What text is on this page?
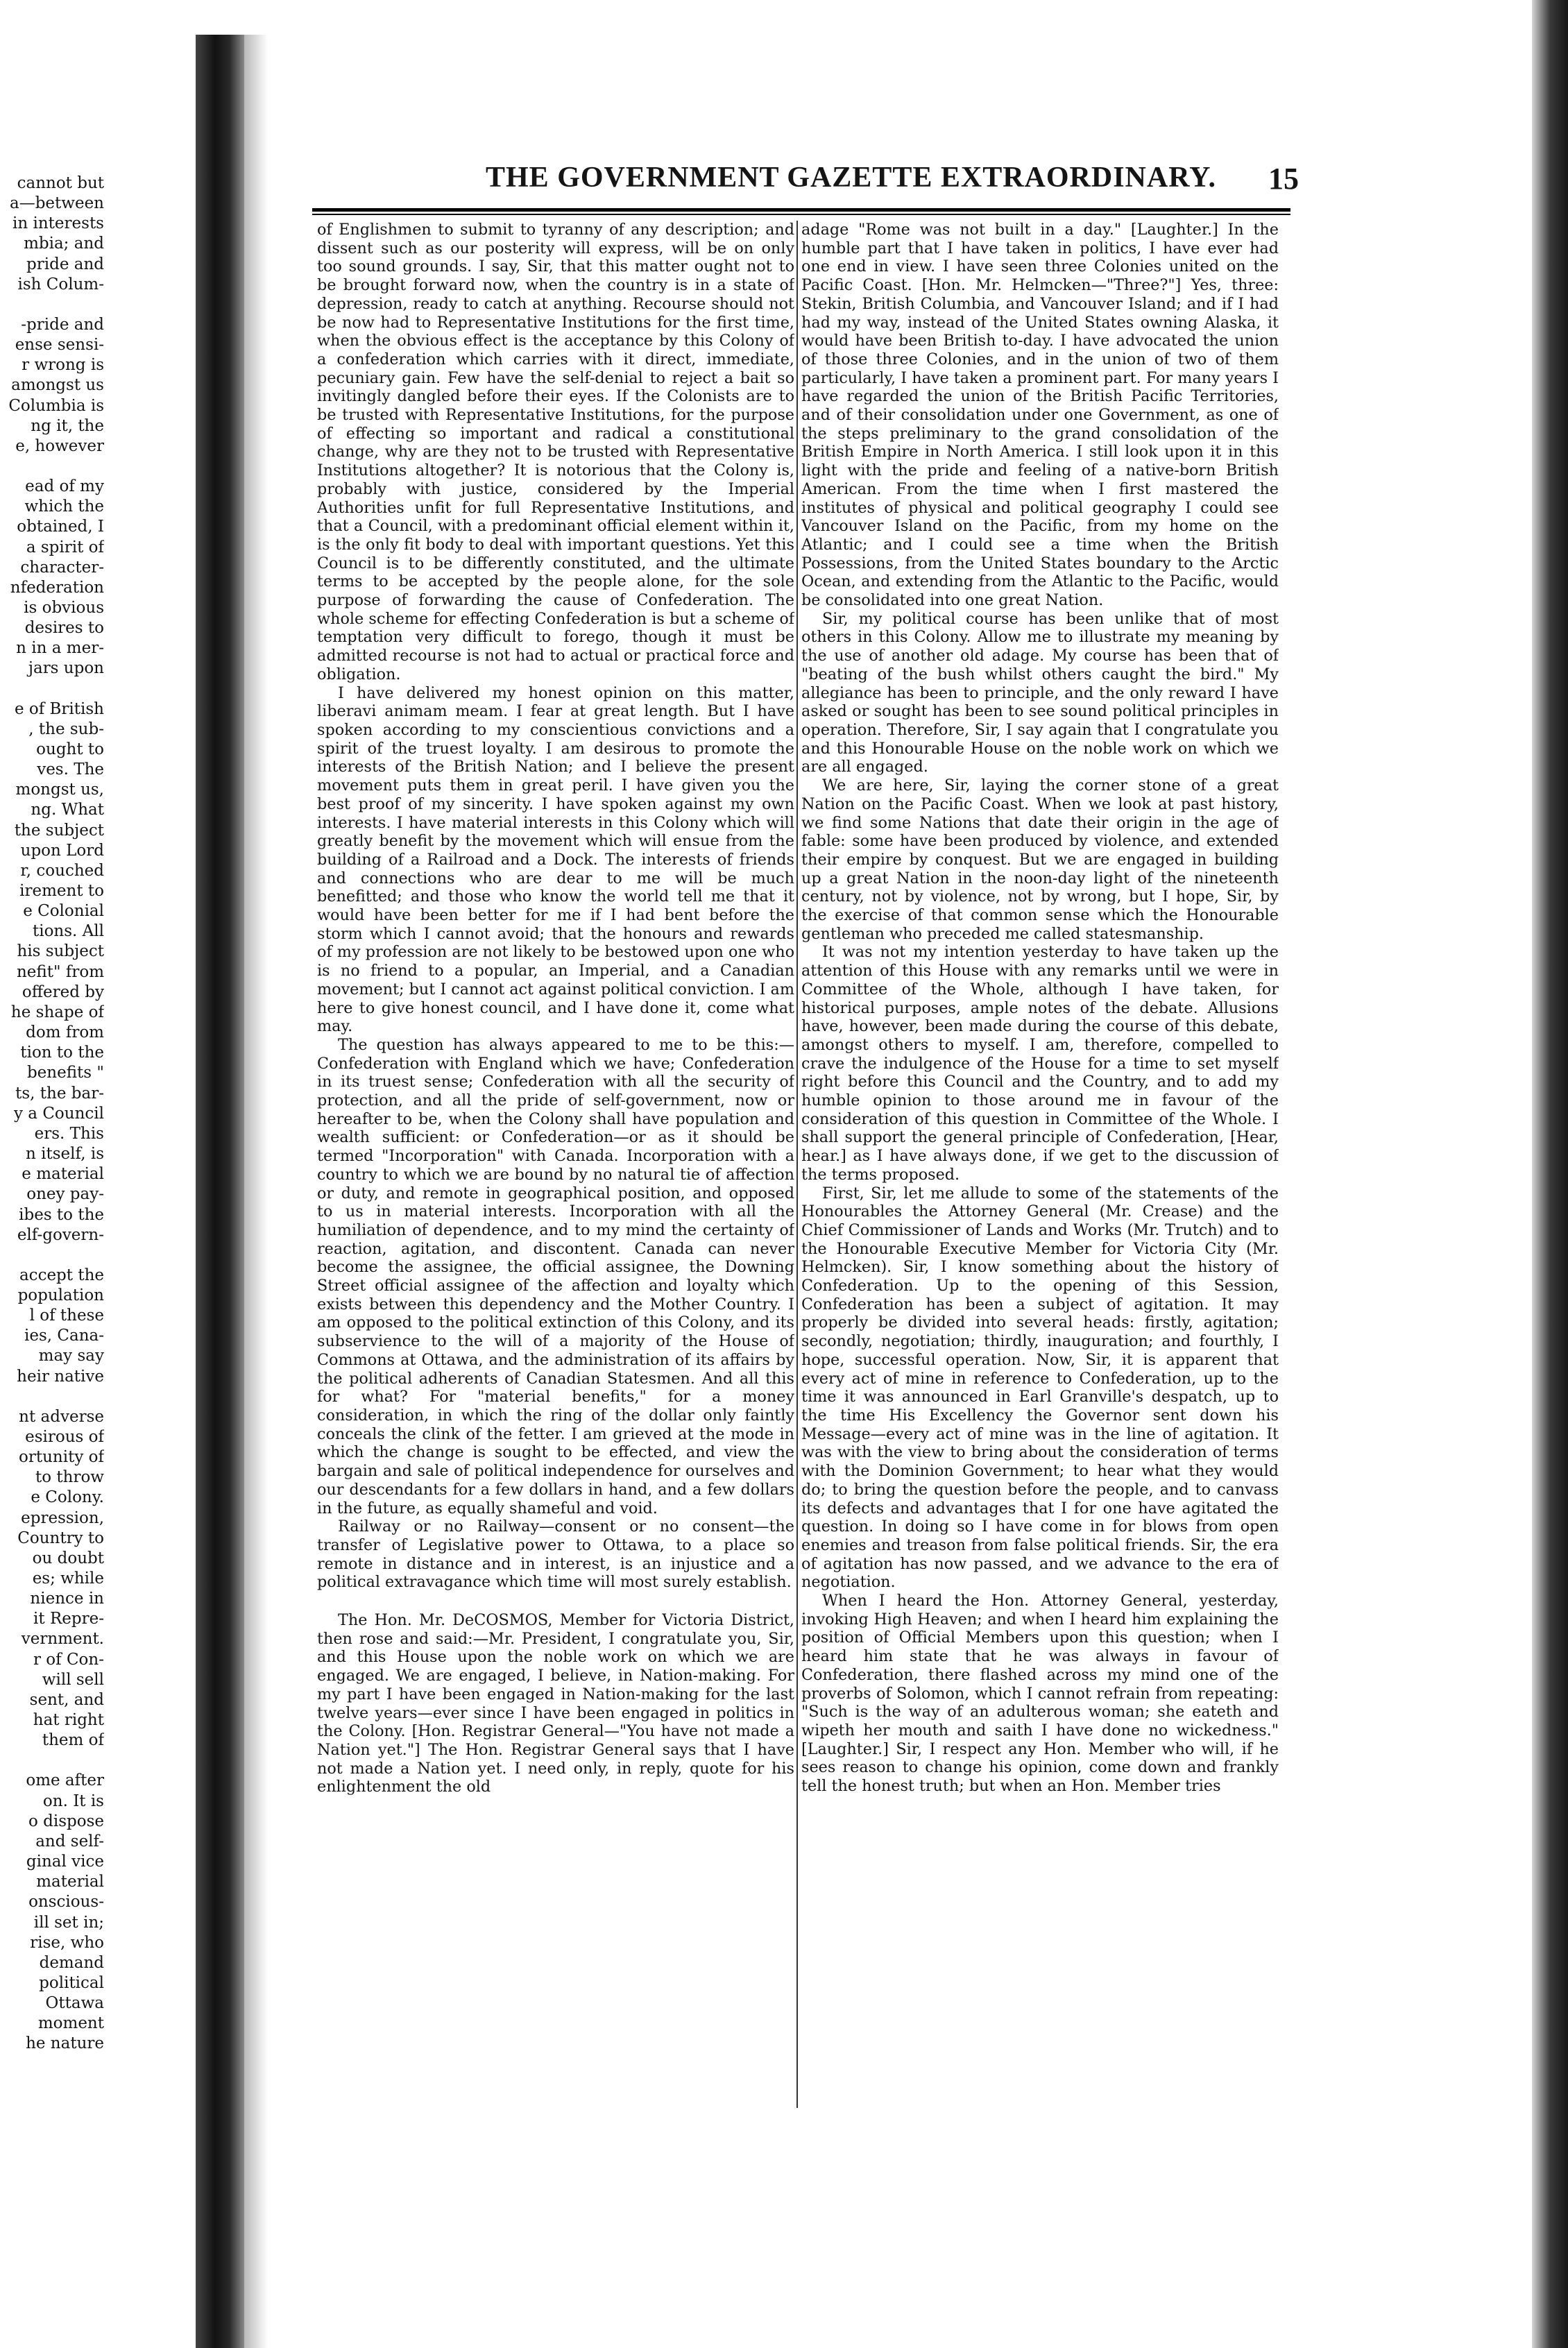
cannot but

a—between

in interests

mbia; and

pride and

ish Colum-

-pride and

ense sensi-

r wrong is

amongst us

Columbia is

ng it, the

e, however

ead of my

which the

obtained, I

a spirit of

character-

nfederation

is obvious

desires to

n in a mer-

jars upon

e of British

, the sub-

ought to

ves. The

mongst us,

ng. What

the subject

upon Lord

r, couched

irement to

e Colonial

tions. All

his subject

nefit" from

offered by

he shape of

dom from

tion to the

benefits "

ts, the bar-

y a Council

ers. This

n itself, is

e material

oney pay-

ibes to the

elf-govern-

accept the

population

l of these

ies, Cana-

may say

heir native

nt adverse

esirous of

ortunity of

to throw

e Colony.

epression,

Country to

ou doubt

es; while

nience in

it Repre-

vernment.

r of Con-

will sell

sent, and

hat right

them of

ome after

on. It is

o dispose

and self-

ginal vice

material

onscious-

ill set in;

rise, who

demand

political

Ottawa

moment

he nature

THE GOVERNMENT GAZETTE EXTRAORDINARY. 15

of Englishmen to submit to tyranny of any description; and dissent such as our posterity will express, will be on only too sound grounds. I say, Sir, that this matter ought not to be brought forward now, when the country is in a state of depression, ready to catch at anything. Recourse should not be now had to Representative Institutions for the first time, when the obvious effect is the acceptance by this Colony of a confederation which carries with it direct, immediate, pecuniary gain. Few have the self-denial to reject a bait so invitingly dangled before their eyes. If the Colonists are to be trusted with Representative Institutions, for the purpose of effecting so important and radical a constitutional change, why are they not to be trusted with Representative Institutions altogether? It is notorious that the Colony is, probably with justice, considered by the Imperial Authorities unfit for full Representative Institutions, and that a Council, with a predominant official element within it, is the only fit body to deal with important questions. Yet this Council is to be differently constituted, and the ultimate terms to be accepted by the people alone, for the sole purpose of forwarding the cause of Confederation. The whole scheme for effecting Confederation is but a scheme of temptation very difficult to forego, though it must be admitted recourse is not had to actual or practical force and obligation.

I have delivered my honest opinion on this matter, liberavi animam meam. I fear at great length. But I have spoken according to my conscientious convictions and a spirit of the truest loyalty. I am desirous to promote the interests of the British Nation; and I believe the present movement puts them in great peril. I have given you the best proof of my sincerity. I have spoken against my own interests. I have material interests in this Colony which will greatly benefit by the movement which will ensue from the building of a Railroad and a Dock. The interests of friends and connections who are dear to me will be much benefitted; and those who know the world tell me that it would have been better for me if I had bent before the storm which I cannot avoid; that the honours and rewards of my profession are not likely to be bestowed upon one who is no friend to a popular, an Imperial, and a Canadian movement; but I cannot act against political conviction. I am here to give honest council, and I have done it, come what may.

The question has always appeared to me to be this:—Confederation with England which we have; Confederation in its truest sense; Confederation with all the security of protection, and all the pride of self-government, now or hereafter to be, when the Colony shall have population and wealth sufficient: or Confederation—or as it should be termed "Incorporation" with Canada. Incorporation with a country to which we are bound by no natural tie of affection or duty, and remote in geographical position, and opposed to us in material interests. Incorporation with all the humiliation of dependence, and to my mind the certainty of reaction, agitation, and discontent. Canada can never become the assignee, the official assignee, the Downing Street official assignee of the affection and loyalty which exists between this dependency and the Mother Country. I am opposed to the political extinction of this Colony, and its subservience to the will of a majority of the House of Commons at Ottawa, and the administration of its affairs by the political adherents of Canadian Statesmen. And all this for what? For "material benefits," for a money consideration, in which the ring of the dollar only faintly conceals the clink of the fetter. I am grieved at the mode in which the change is sought to be effected, and view the bargain and sale of political independence for ourselves and our descendants for a few dollars in hand, and a few dollars in the future, as equally shameful and void.

Railway or no Railway—consent or no consent—the transfer of Legislative power to Ottawa, to a place so remote in distance and in interest, is an injustice and a political extravagance which time will most surely establish.

The Hon. Mr. DeCOSMOS, Member for Victoria District, then rose and said:—Mr. President, I congratulate you, Sir, and this House upon the noble work on which we are engaged. We are engaged, I believe, in Nation-making. For my part I have been engaged in Nation-making for the last twelve years—ever since I have been engaged in politics in the Colony. [Hon. Registrar General—"You have not made a Nation yet."] The Hon. Registrar General says that I have not made a Nation yet. I need only, in reply, quote for his enlightenment the old

adage "Rome was not built in a day." [Laughter.] In the humble part that I have taken in politics, I have ever had one end in view. I have seen three Colonies united on the Pacific Coast. [Hon. Mr. Helmcken—"Three?"] Yes, three: Stekin, British Columbia, and Vancouver Island; and if I had had my way, instead of the United States owning Alaska, it would have been British to-day. I have advocated the union of those three Colonies, and in the union of two of them particularly, I have taken a prominent part. For many years I have regarded the union of the British Pacific Territories, and of their consolidation under one Government, as one of the steps preliminary to the grand consolidation of the British Empire in North America. I still look upon it in this light with the pride and feeling of a native-born British American. From the time when I first mastered the institutes of physical and political geography I could see Vancouver Island on the Pacific, from my home on the Atlantic; and I could see a time when the British Possessions, from the United States boundary to the Arctic Ocean, and extending from the Atlantic to the Pacific, would be consolidated into one great Nation.

Sir, my political course has been unlike that of most others in this Colony. Allow me to illustrate my meaning by the use of another old adage. My course has been that of "beating of the bush whilst others caught the bird." My allegiance has been to principle, and the only reward I have asked or sought has been to see sound political principles in operation. Therefore, Sir, I say again that I congratulate you and this Honourable House on the noble work on which we are all engaged.

We are here, Sir, laying the corner stone of a great Nation on the Pacific Coast. When we look at past history, we find some Nations that date their origin in the age of fable: some have been produced by violence, and extended their empire by conquest. But we are engaged in building up a great Nation in the noon-day light of the nineteenth century, not by violence, not by wrong, but I hope, Sir, by the exercise of that common sense which the Honourable gentleman who preceded me called statesmanship.

It was not my intention yesterday to have taken up the attention of this House with any remarks until we were in Committee of the Whole, although I have taken, for historical purposes, ample notes of the debate. Allusions have, however, been made during the course of this debate, amongst others to myself. I am, therefore, compelled to crave the indulgence of the House for a time to set myself right before this Council and the Country, and to add my humble opinion to those around me in favour of the consideration of this question in Committee of the Whole. I shall support the general principle of Confederation, [Hear, hear.] as I have always done, if we get to the discussion of the terms proposed.

First, Sir, let me allude to some of the statements of the Honourables the Attorney General (Mr. Crease) and the Chief Commissioner of Lands and Works (Mr. Trutch) and to the Honourable Executive Member for Victoria City (Mr. Helmcken). Sir, I know something about the history of Confederation. Up to the opening of this Session, Confederation has been a subject of agitation. It may properly be divided into several heads: firstly, agitation; secondly, negotiation; thirdly, inauguration; and fourthly, I hope, successful operation. Now, Sir, it is apparent that every act of mine in reference to Confederation, up to the time it was announced in Earl Granville's despatch, up to the time His Excellency the Governor sent down his Message—every act of mine was in the line of agitation. It was with the view to bring about the consideration of terms with the Dominion Government; to hear what they would do; to bring the question before the people, and to canvass its defects and advantages that I for one have agitated the question. In doing so I have come in for blows from open enemies and treason from false political friends. Sir, the era of agitation has now passed, and we advance to the era of negotiation.

When I heard the Hon. Attorney General, yesterday, invoking High Heaven; and when I heard him explaining the position of Official Members upon this question; when I heard him state that he was always in favour of Confederation, there flashed across my mind one of the proverbs of Solomon, which I cannot refrain from repeating: "Such is the way of an adulterous woman; she eateth and wipeth her mouth and saith I have done no wickedness." [Laughter.] Sir, I respect any Hon. Member who will, if he sees reason to change his opinion, come down and frankly tell the honest truth; but when an Hon. Member tries
